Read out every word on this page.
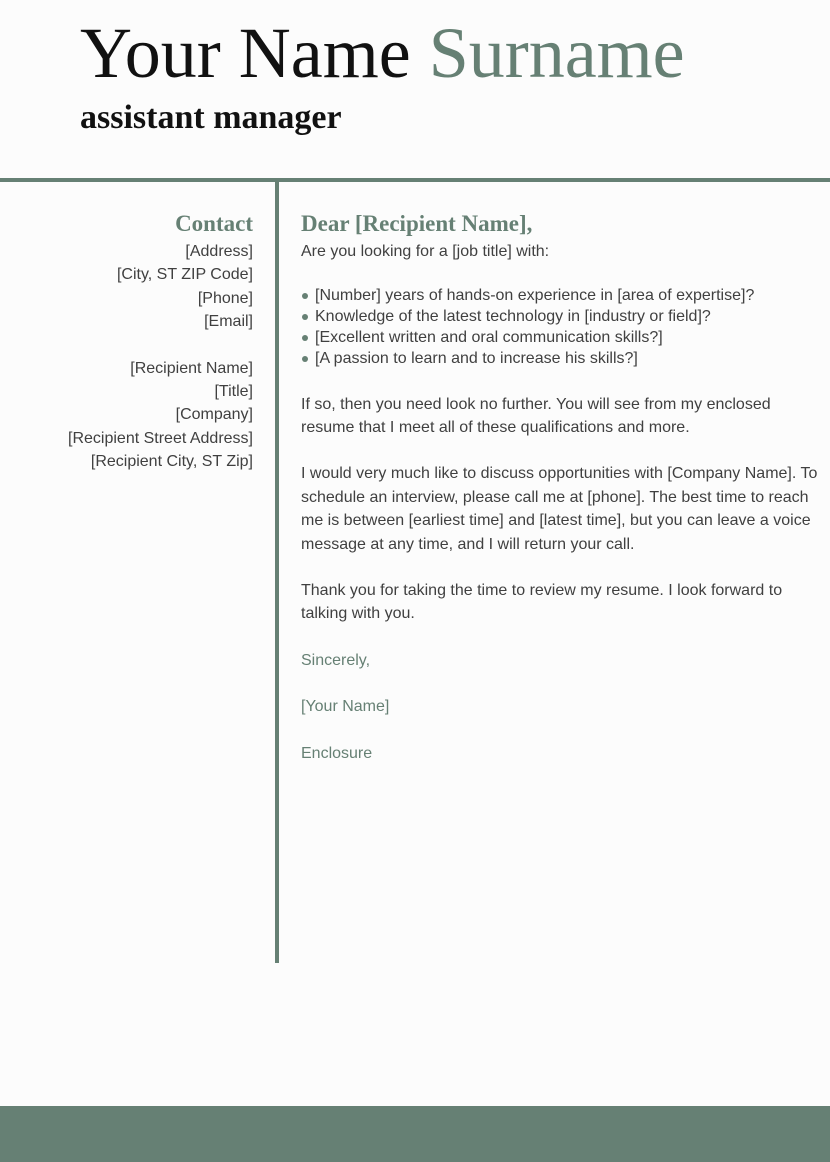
Your Name Surname
assistant manager
Contact
[Address]
[City, ST ZIP Code]
[Phone]
[Email]
[Recipient Name]
[Title]
[Company]
[Recipient Street Address]
[Recipient City, ST Zip]
Dear [Recipient Name],

Are you looking for a [job title] with:

[Number] years of hands-on experience in [area of expertise]?
Knowledge of the latest technology in [industry or field]?
[Excellent written and oral communication skills?]
[A passion to learn and to increase his skills?]

If so, then you need look no further. You will see from my enclosed resume that I meet all of these qualifications and more.

I would very much like to discuss opportunities with [Company Name]. To schedule an interview, please call me at [phone]. The best time to reach me is between [earliest time] and [latest time], but you can leave a voice message at any time, and I will return your call.

Thank you for taking the time to review my resume. I look forward to talking with you.

Sincerely,

[Your Name]

Enclosure
